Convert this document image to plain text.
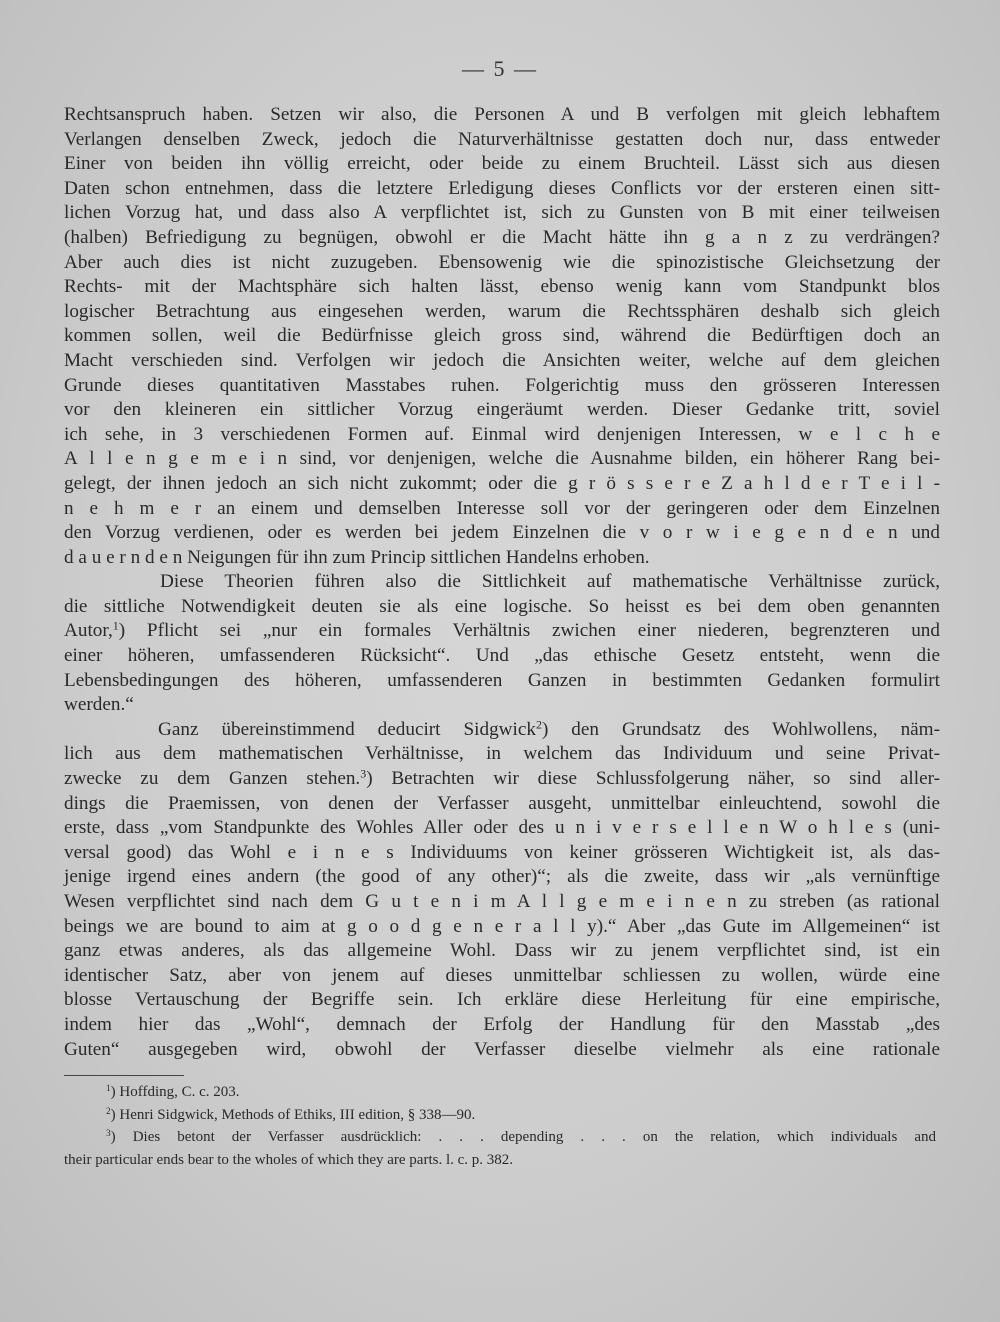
— 5 —
Rechtsanspruch haben. Setzen wir also, die Personen A und B verfolgen mit gleich lebhaftem
Verlangen denselben Zweck, jedoch die Naturverhältnisse gestatten doch nur, dass entweder
Einer von beiden ihn völlig erreicht, oder beide zu einem Bruchteil. Lässt sich aus diesen
Daten schon entnehmen, dass die letztere Erledigung dieses Conflicts vor der ersteren einen sitt-
lichen Vorzug hat, und dass also A verpflichtet ist, sich zu Gunsten von B mit einer teilweisen
(halben) Befriedigung zu begnügen, obwohl er die Macht hätte ihn g a n z zu verdrängen?
Aber auch dies ist nicht zuzugeben. Ebensowenig wie die spinozistische Gleichsetzung der
Rechts- mit der Machtsphäre sich halten lässt, ebenso wenig kann vom Standpunkt blos
logischer Betrachtung aus eingesehen werden, warum die Rechtssphären deshalb sich gleich
kommen sollen, weil die Bedürfnisse gleich gross sind, während die Bedürftigen doch an
Macht verschieden sind. Verfolgen wir jedoch die Ansichten weiter, welche auf dem gleichen
Grunde dieses quantitativen Masstabes ruhen. Folgerichtig muss den grösseren Interessen
vor den kleineren ein sittlicher Vorzug eingeräumt werden. Dieser Gedanke tritt, soviel
ich sehe, in 3 verschiedenen Formen auf. Einmal wird denjenigen Interessen, w e l c h e
A l l e n g e m e i n sind, vor denjenigen, welche die Ausnahme bilden, ein höherer Rang bei-
gelegt, der ihnen jedoch an sich nicht zukommt; oder die g r ö s s e r e Z a h l d e r T e i l -
n e h m e r an einem und demselben Interesse soll vor der geringeren oder dem Einzelnen
den Vorzug verdienen, oder es werden bei jedem Einzelnen die v o r w i e g e n d e n und
d a u e r n d e n Neigungen für ihn zum Princip sittlichen Handelns erhoben.
Diese Theorien führen also die Sittlichkeit auf mathematische Verhältnisse zurück,
die sittliche Notwendigkeit deuten sie als eine logische. So heisst es bei dem oben genannten
Autor,$^1$) Pflicht sei „nur ein formales Verhältnis zwichen einer niederen, begrenzteren und
einer höheren, umfassenderen Rücksicht“. Und „das ethische Gesetz entsteht, wenn die
Lebensbedingungen des höheren, umfassenderen Ganzen in bestimmten Gedanken formulirt
werden.“
Ganz übereinstimmend deducirt Sidgwick$^2$) den Grundsatz des Wohlwollens, näm-
lich aus dem mathematischen Verhältnisse, in welchem das Individuum und seine Privat-
zwecke zu dem Ganzen stehen.$^3$) Betrachten wir diese Schlussfolgerung näher, so sind aller-
dings die Praemissen, von denen der Verfasser ausgeht, unmittelbar einleuchtend, sowohl die
erste, dass „vom Standpunkte des Wohles Aller oder des u n i v e r s e l l e n W o h l e s (uni-
versal good) das Wohl e i n e s Individuums von keiner grösseren Wichtigkeit ist, als das-
jenige irgend eines andern (the good of any other)“; als die zweite, dass wir „als vernünftige
Wesen verpflichtet sind nach dem G u t e n i m A l l g e m e i n e n zu streben (as rational
beings we are bound to aim at g o o d g e n e r a l l y).“ Aber „das Gute im Allgemeinen“ ist
ganz etwas anderes, als das allgemeine Wohl. Dass wir zu jenem verpflichtet sind, ist ein
identischer Satz, aber von jenem auf dieses unmittelbar schliessen zu wollen, würde eine
blosse Vertauschung der Begriffe sein. Ich erkläre diese Herleitung für eine empirische,
indem hier das „Wohl“, demnach der Erfolg der Handlung für den Masstab „des
Guten“ ausgegeben wird, obwohl der Verfasser dieselbe vielmehr als eine rationale
$^1$) Hoffding, C. c. 203.
$^2$) Henri Sidgwick, Methods of Ethiks, III edition, § 338—90.
$^3$) Dies betont der Verfasser ausdrücklich: . . . depending . . . on the relation, which individuals and
their particular ends bear to the wholes of which they are parts. l. c. p. 382.
